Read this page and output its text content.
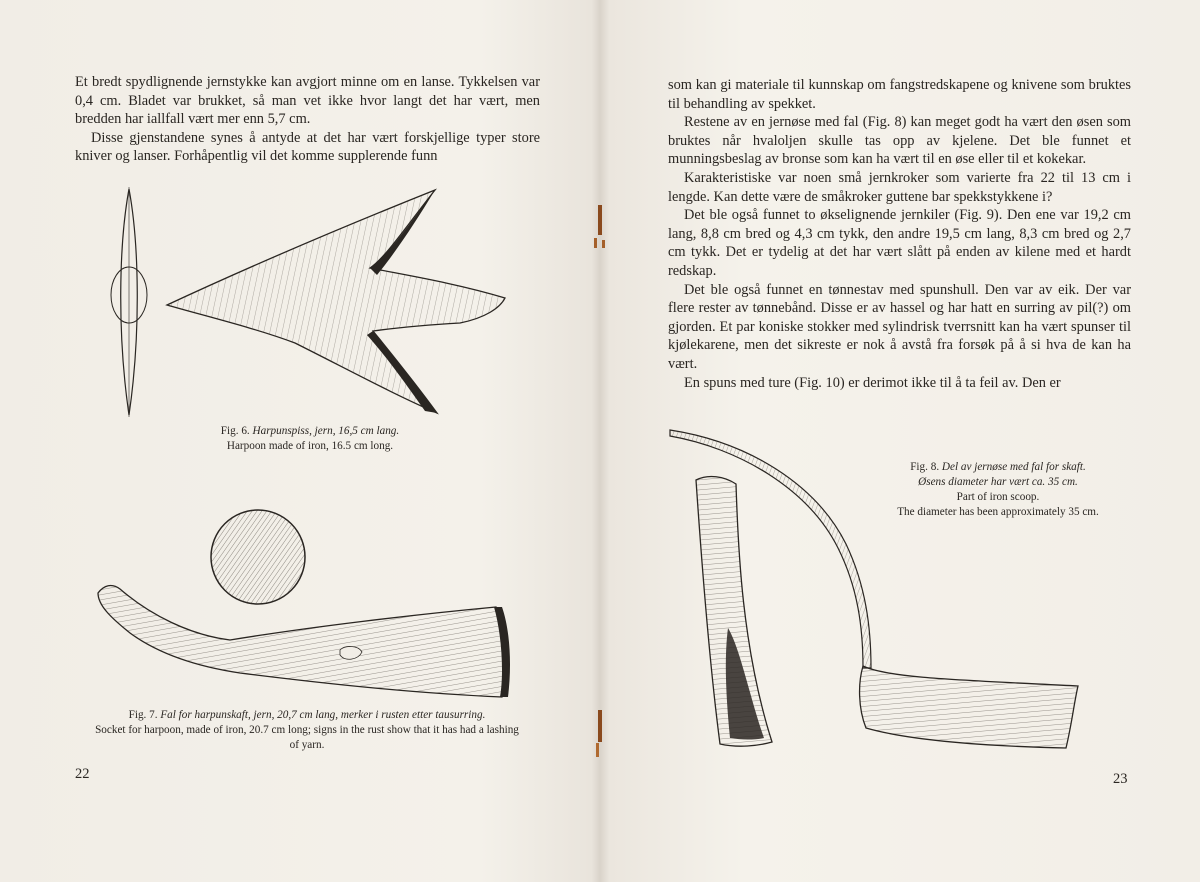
Et bredt spydlignende jernstykke kan avgjort minne om en lanse. Tykkelsen var 0,4 cm. Bladet var brukket, så man vet ikke hvor langt det har vært, men bredden har iallfall vært mer enn 5,7 cm.

Disse gjenstandene synes å antyde at det har vært forskjellige typer store kniver og lanser. Forhåpentlig vil det komme supplerende funn

Fig. 6. Harpunspiss, jern, 16,5 cm lang.
Harpoon made of iron, 16.5 cm long.
Fig. 7. Fal for harpunskaft, jern, 20,7 cm lang, merker i rusten etter tausurring.
Socket for harpoon, made of iron, 20.7 cm long; signs in the rust show that it has had a lashing of yarn.
22

som kan gi materiale til kunnskap om fangstredskapene og knivene som bruktes til behandling av spekket.

Restene av en jernøse med fal (Fig. 8) kan meget godt ha vært den øsen som bruktes når hvaloljen skulle tas opp av kjelene. Det ble funnet et munningsbeslag av bronse som kan ha vært til en øse eller til et kokekar.

Karakteristiske var noen små jernkroker som varierte fra 22 til 13 cm i lengde. Kan dette være de småkroker guttene bar spekkstykkene i?

Det ble også funnet to økselignende jernkiler (Fig. 9). Den ene var 19,2 cm lang, 8,8 cm bred og 4,3 cm tykk, den andre 19,5 cm lang, 8,3 cm bred og 2,7 cm tykk. Det er tydelig at det har vært slått på enden av kilene med et hardt redskap.

Det ble også funnet en tønnestav med spunshull. Den var av eik. Der var flere rester av tønnebånd. Disse er av hassel og har hatt en surring av pil(?) om gjorden. Et par koniske stokker med sylindrisk tverrsnitt kan ha vært spunser til kjølekarene, men det sikreste er nok å avstå fra forsøk på å si hva de kan ha vært.

En spuns med ture (Fig. 10) er derimot ikke til å ta feil av. Den er

Fig. 8. Del av jernøse med fal for skaft.
Øsens diameter har vært ca. 35 cm.
Part of iron scoop.
The diameter has been approximately 35 cm.
23
